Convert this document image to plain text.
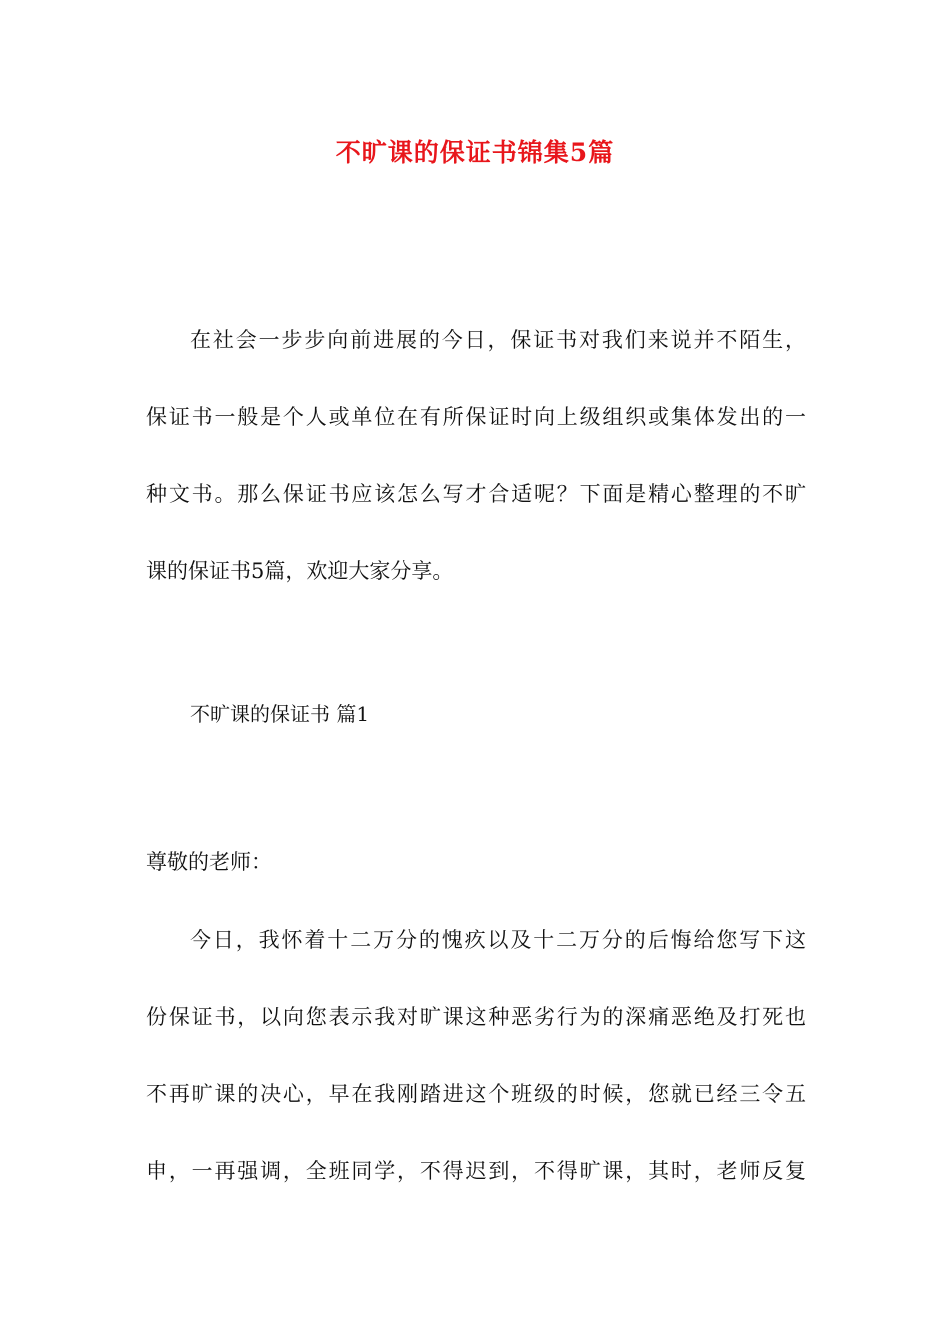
不旷课的保证书锦集5篇
在社会一步步向前进展的今日，保证书对我们来说并不陌生，
保证书一般是个人或单位在有所保证时向上级组织或集体发出的一
种文书。那么保证书应该怎么写才合适呢？下面是精心整理的不旷
课的保证书5篇，欢迎大家分享。
不旷课的保证书 篇1
尊敬的老师：
今日，我怀着十二万分的愧疚以及十二万分的后悔给您写下这
份保证书，以向您表示我对旷课这种恶劣行为的深痛恶绝及打死也
不再旷课的决心，早在我刚踏进这个班级的时候，您就已经三令五
申，一再强调，全班同学，不得迟到，不得旷课，其时，老师反复
